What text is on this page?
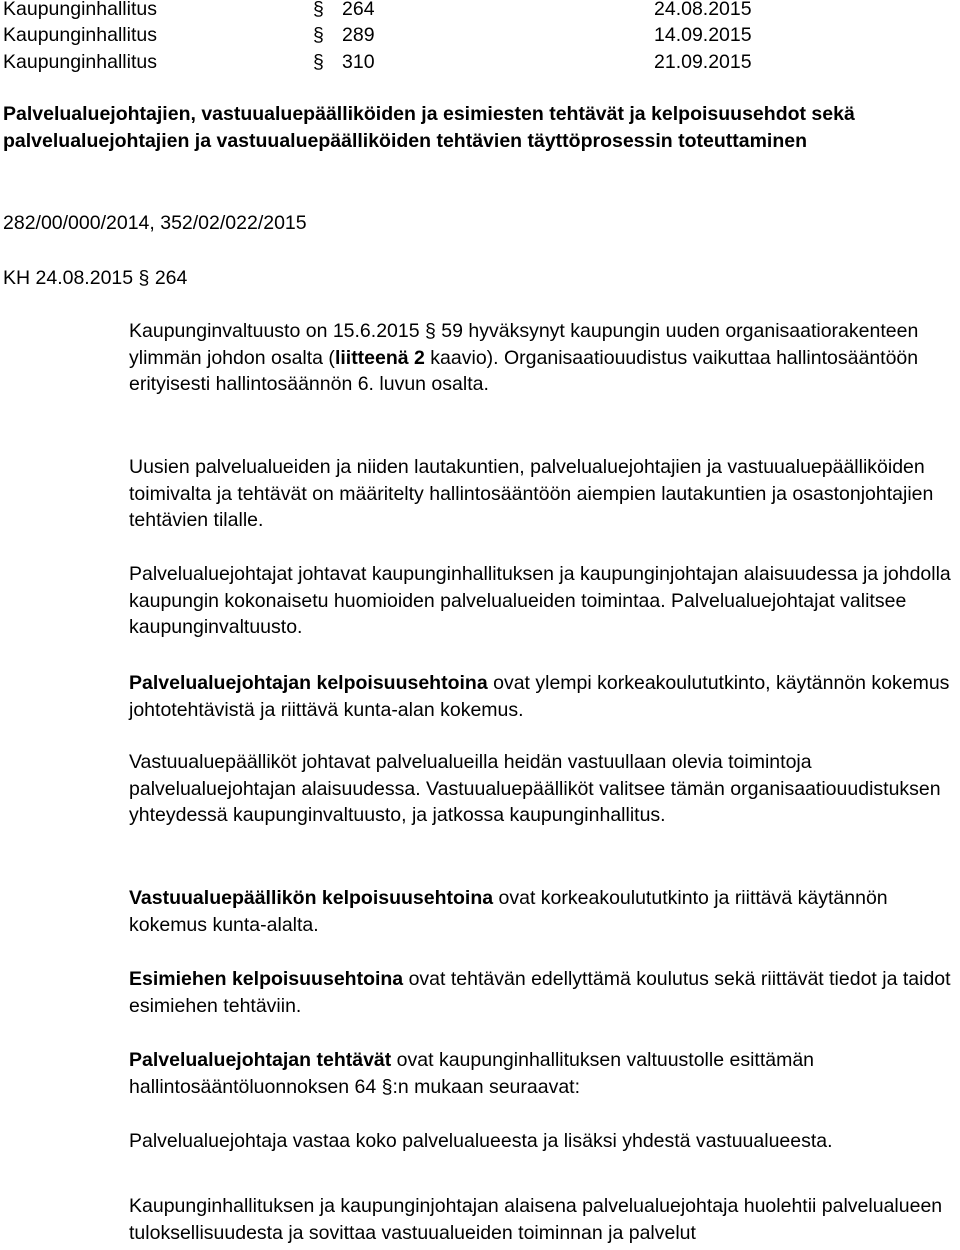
Kaupunginhallitus	§ 264	24.08.2015
Kaupunginhallitus	§ 289	14.09.2015
Kaupunginhallitus	§ 310	21.09.2015
Palvelualuejohtajien, vastuualuepäälliköiden ja esimiesten tehtävät ja kelpoisuusehdot sekä palvelualuejohtajien ja vastuualuepäälliköiden tehtävien täyttöprosessin toteuttaminen
282/00/000/2014, 352/02/022/2015
KH 24.08.2015 § 264

Kaupunginvaltuusto on 15.6.2015 § 59 hyväksynyt kaupungin uuden organisaatiorakenteen ylimmän johdon osalta (liitteenä 2 kaavio). Organisaatiouudistus vaikuttaa hallintosääntöön erityisesti hallintosäännön 6. luvun osalta.

Uusien palvelualueiden ja niiden lautakuntien, palvelualuejohtajien ja vastuualuepäälliköiden toimivalta ja tehtävät on määritelty hallintosääntöön aiempien lautakuntien ja osastonjohtajien tehtävien tilalle.

Palvelualuejohtajat johtavat kaupunginhallituksen ja kaupunginjohtajan alaisuudessa ja johdolla kaupungin kokonaisetu huomioiden palvelualueiden toimintaa. Palvelualuejohtajat valitsee kaupunginvaltuusto.

Palvelualuejohtajan kelpoisuusehtoina ovat ylempi korkeakoulututkinto, käytännön kokemus johtotehtävistä ja riittävä kunta-alan kokemus.

Vastuualuepäälliköt johtavat palvelualueilla heidän vastuullaan olevia toimintoja palvelualuejohtajan alaisuudessa. Vastuualuepäälliköt valitsee tämän organisaatiouudistuksen yhteydessä kaupunginvaltuusto, ja jatkossa kaupunginhallitus.

Vastuualuepäällikön kelpoisuusehtoina ovat korkeakoulututkinto ja riittävä käytännön kokemus kunta-alalta.

Esimiehen kelpoisuusehtoina ovat tehtävän edellyttämä koulutus sekä riittävät tiedot ja taidot esimiehen tehtäviin.

Palvelualuejohtajan tehtävät ovat kaupunginhallituksen valtuustolle esittämän hallintosääntöluonnoksen 64 §:n mukaan seuraavat:

Palvelualuejohtaja vastaa koko palvelualueesta ja lisäksi yhdestä vastuualueesta.

Kaupunginhallituksen ja kaupunginjohtajan alaisena palvelualuejohtaja huolehtii palvelualueen tuloksellisuudesta ja sovittaa vastuualueiden toiminnan ja palvelut
